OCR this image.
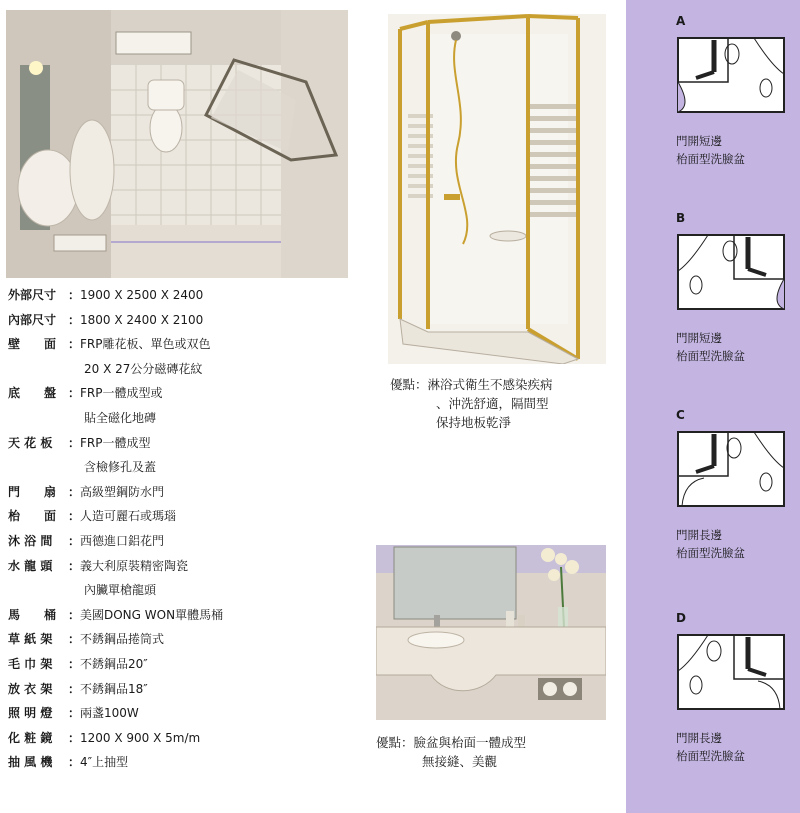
外部尺寸 ： 1900 X 2500 X 2400
內部尺寸 ： 1800 X 2400 X 2100
壁　　面 ： FRP雕花板、單色或双色
20 X 27公分磁磚花紋
底　　盤 ： FRP一體成型或
貼全磁化地磚
天 花 板	： FRP一體成型
含檢修孔及蓋
門　　扇 ： 高級塑鋼防水門
枱　　面 ： 人造可麗石或瑪瑙
沐 浴 間	： 西德進口鋁花門
水 龍 頭	： 義大利原裝精密陶瓷
內臟單槍龍頭
馬　　桶 ： 美國DONG WON單體馬桶
草 紙 架	： 不銹鋼品捲筒式
毛 巾 架	： 不銹鋼品20″
放 衣 架	： 不銹鋼品18″
照 明 燈	： 兩盞100W
化 粧 鏡	： 1200 X 900 X 5m/m
抽 風 機	： 4″上抽型
優點：淋浴式衛生不感染疾病
、沖洗舒適，隔間型
保持地板乾淨
優點：臉盆與枱面一體成型
無接縫、美觀
A
門開短邊
枱面型洗臉盆
B
門開短邊
枱面型洗臉盆
C
門開長邊
枱面型洗臉盆
D
門開長邊
枱面型洗臉盆
